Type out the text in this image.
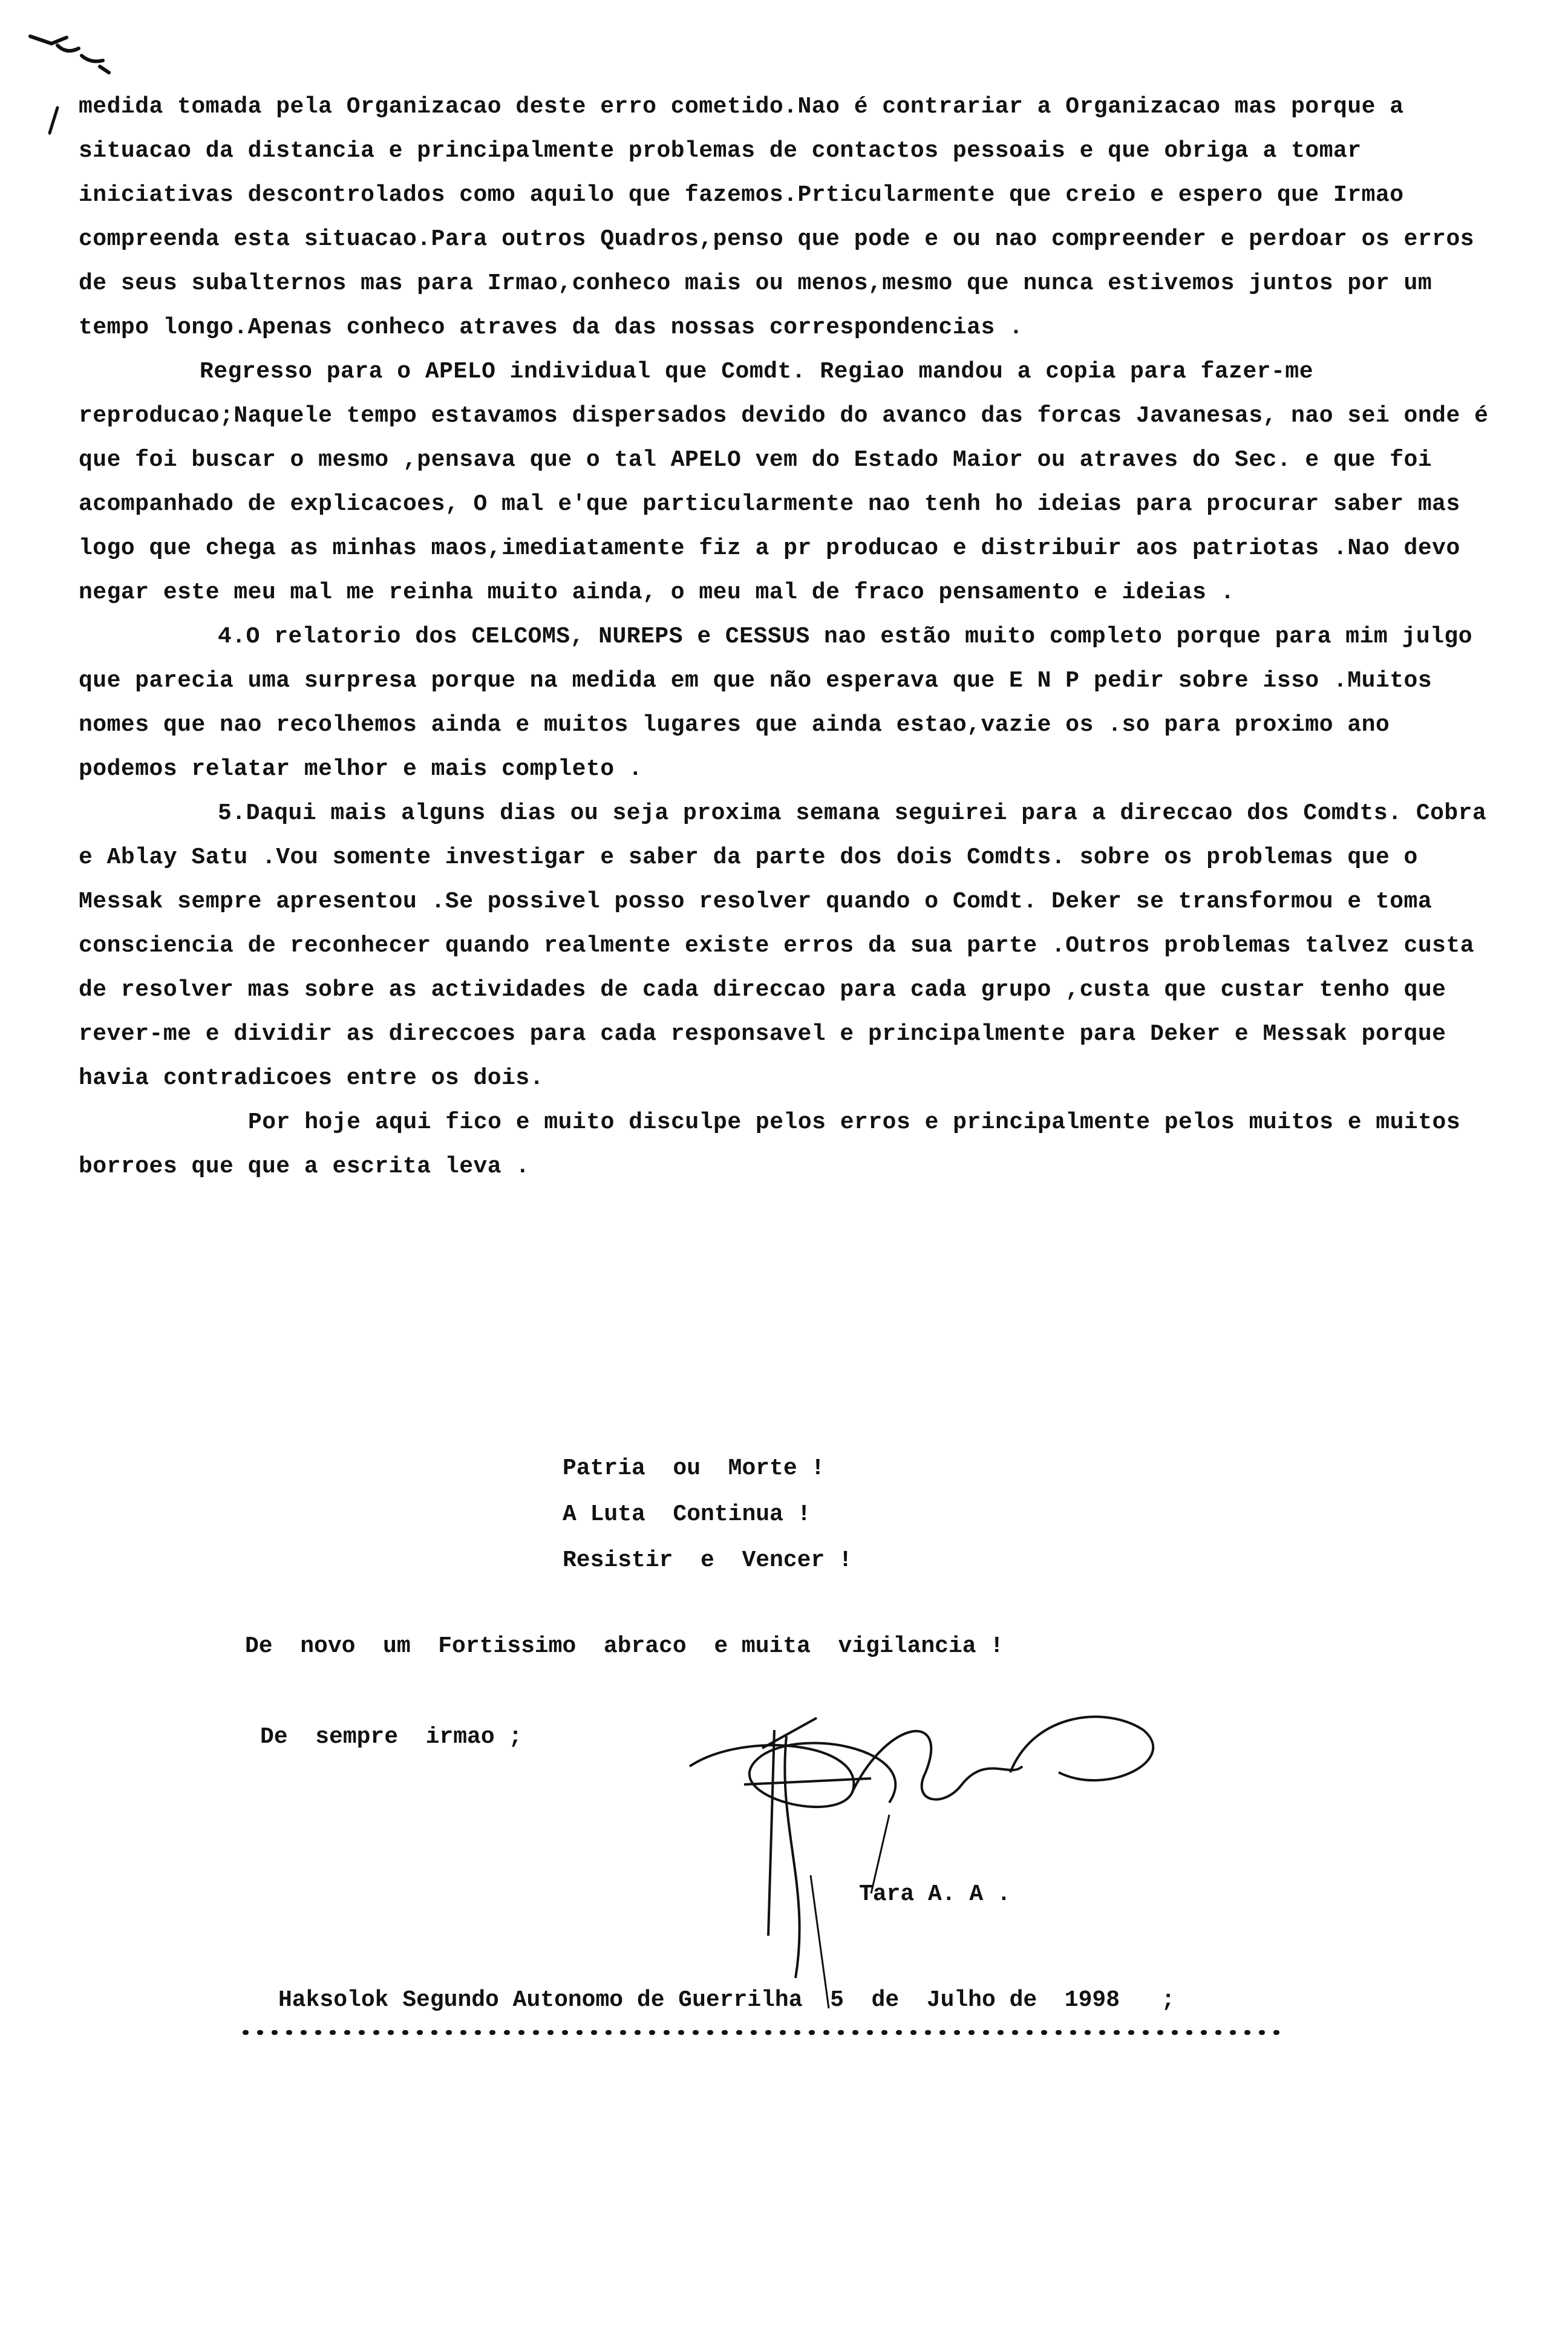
medida tomada pela Organizacao deste erro cometido.Nao é contrariar a Organizacao mas porque a situacao da distancia e principalmente problemas de contactos pessoais e que obriga a tomar iniciativas descontrolados como aquilo que fazemos.Prticularmente que creio e espero que Irmao compreenda esta situacao.Para outros Quadros,penso que pode e ou nao compreender e perdoar os erros de seus subalternos mas para Irmao,conheco mais ou menos,mesmo que nunca estivemos juntos por um tempo longo.Apenas conheco atraves da das nossas correspondencias .

Regresso para o APELO individual que Comdt. Regiao mandou a copia para fazer-me reproducao;Naquele tempo estavamos dispersados devido do avanco das forcas Javanesas, nao sei onde é que foi buscar o mesmo ,pensava que o tal APELO vem do Estado Maior ou atraves do Sec. e que foi acompanhado de explicacoes, O mal e'que particularmente nao tenh ho ideias para procurar saber mas logo que chega as minhas maos,imediatamente fiz a pr producao e distribuir aos patriotas .Nao devo negar este meu mal me reinha muito ainda, o meu mal de fraco pensamento e ideias .

4.O relatorio dos CELCOMS, NUREPS e CESSUS nao estão muito completo porque para mim julgo que parecia uma surpresa porque na medida em que não esperava que E N P pedir sobre isso .Muitos nomes que nao recolhemos ainda e muitos lugares que ainda estao,vazie os .so para proximo ano podemos relatar melhor e mais completo .

5.Daqui mais alguns dias ou seja proxima semana seguirei para a direccao dos Comdts. Cobra e Ablay Satu .Vou somente investigar e saber da parte dos dois Comdts. sobre os problemas que o Messak sempre apresentou .Se possivel posso resolver quando o Comdt. Deker se transformou e toma consciencia de reconhecer quando realmente existe erros da sua parte .Outros problemas talvez custa de resolver mas sobre as actividades de cada direccao para cada grupo ,custa que custar tenho que rever-me e dividir as direccoes para cada responsavel e principalmente para Deker e Messak porque havia contradicoes entre os dois.

Por hoje aqui fico e muito disculpe pelos erros e principalmente pelos muitos e muitos borroes que que a escrita leva .

Patria  ou  Morte !
A Luta  Continua !
Resistir  e  Vencer !
De  novo  um  Fortissimo  abraco  e muita  vigilancia !
De  sempre  irmao ;
Tara A. A .
Haksolok Segundo Autonomo de Guerrilha  5  de  Julho de  1998   ;
